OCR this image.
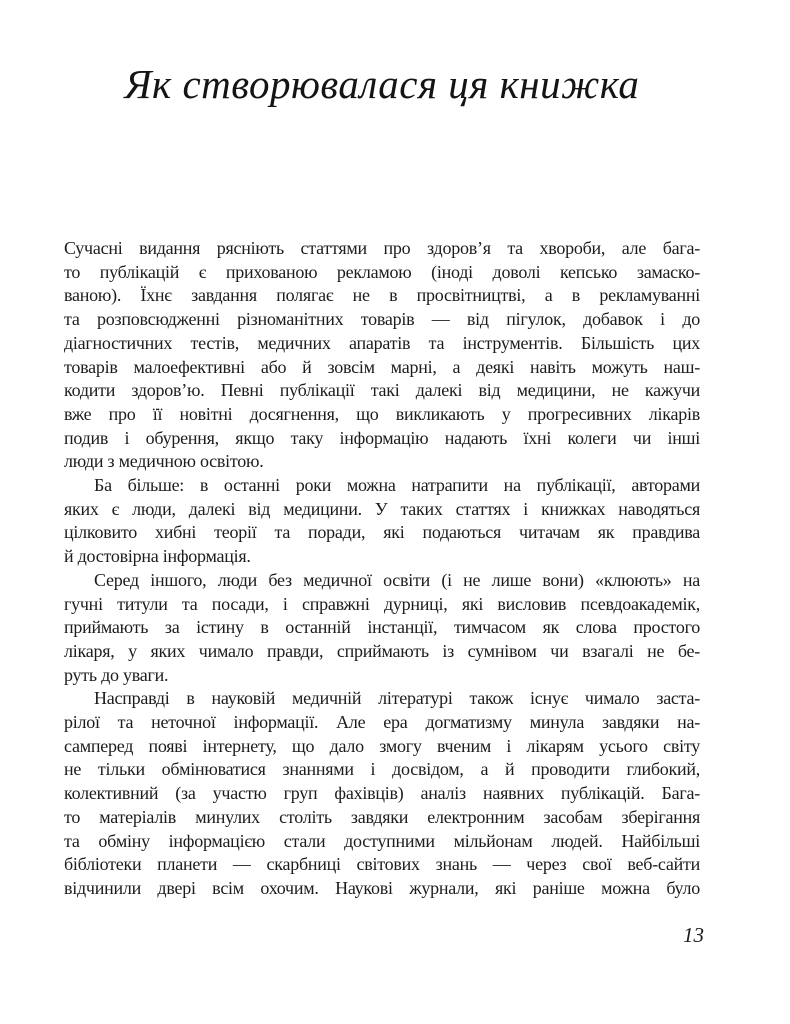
Як створювалася ця книжка
Сучасні видання рясніють статтями про здоров’я та хвороби, але бага-
то публікацій є прихованою рекламою (іноді доволі кепсько замаско-
ваною). Їхнє завдання полягає не в просвітництві, а в рекламуванні
та розповсюдженні різноманітних товарів — від пігулок, добавок і до
діагностичних тестів, медичних апаратів та інструментів. Більшість цих
товарів малоефективні або й зовсім марні, а деякі навіть можуть наш-
кодити здоров’ю. Певні публікації такі далекі від медицини, не кажучи
вже про її новітні досягнення, що викликають у прогресивних лікарів
подив і обурення, якщо таку інформацію надають їхні колеги чи інші
люди з медичною освітою.
Ба більше: в останні роки можна натрапити на публікації, авторами
яких є люди, далекі від медицини. У таких статтях і книжках наводяться
цілковито хибні теорії та поради, які подаються читачам як правдива
й достовірна інформація.
Серед іншого, люди без медичної освіти (і не лише вони) «клюють» на
гучні титули та посади, і справжні дурниці, які висловив псевдоакадемік,
приймають за істину в останній інстанції, тимчасом як слова простого
лікаря, у яких чимало правди, сприймають із сумнівом чи взагалі не бе-
руть до уваги.
Насправді в науковій медичній літературі також існує чимало заста-
рілої та неточної інформації. Але ера догматизму минула завдяки на-
самперед появі інтернету, що дало змогу вченим і лікарям усього світу
не тільки обмінюватися знаннями і досвідом, а й проводити глибокий,
колективний (за участю груп фахівців) аналіз наявних публікацій. Бага-
то матеріалів минулих століть завдяки електронним засобам зберігання
та обміну інформацією стали доступними мільйонам людей. Найбільші
бібліотеки планети — скарбниці світових знань — через свої веб-сайти
відчинили двері всім охочим. Наукові журнали, які раніше можна було
13
